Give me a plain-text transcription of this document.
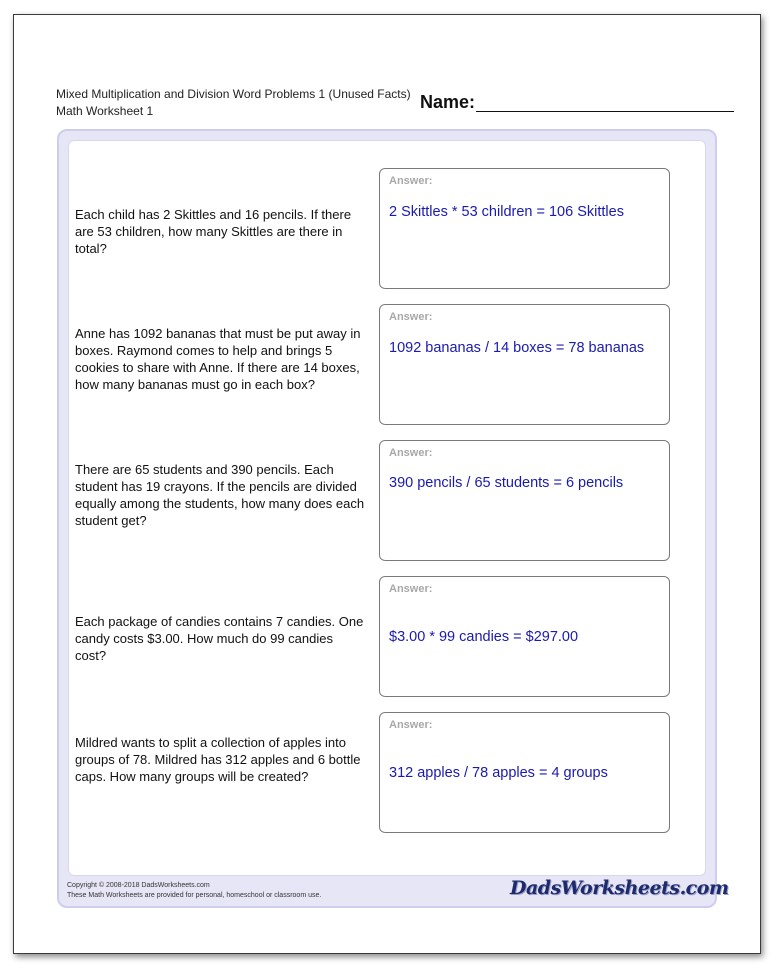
Mixed Multiplication and Division Word Problems 1 (Unused Facts)
Math Worksheet 1	Name:
Each child has 2 Skittles and 16 pencils. If there are 53 children, how many Skittles are there in total?
Answer:
2 Skittles * 53 children = 106 Skittles
Anne has 1092 bananas that must be put away in boxes. Raymond comes to help and brings 5 cookies to share with Anne. If there are 14 boxes, how many bananas must go in each box?
Answer:
1092 bananas / 14 boxes = 78 bananas
There are 65 students and 390 pencils. Each student has 19 crayons. If the pencils are divided equally among the students, how many does each student get?
Answer:
390 pencils / 65 students = 6 pencils
Each package of candies contains 7 candies. One candy costs $3.00. How much do 99 candies cost?
Answer:
$3.00 * 99 candies = $297.00
Mildred wants to split a collection of apples into groups of 78. Mildred has 312 apples and 6 bottle caps. How many groups will be created?
Answer:
312 apples / 78 apples = 4 groups
Copyright © 2008-2018 DadsWorksheets.com
These Math Worksheets are provided for personal, homeschool or classroom use.	DadsWorksheets.com
